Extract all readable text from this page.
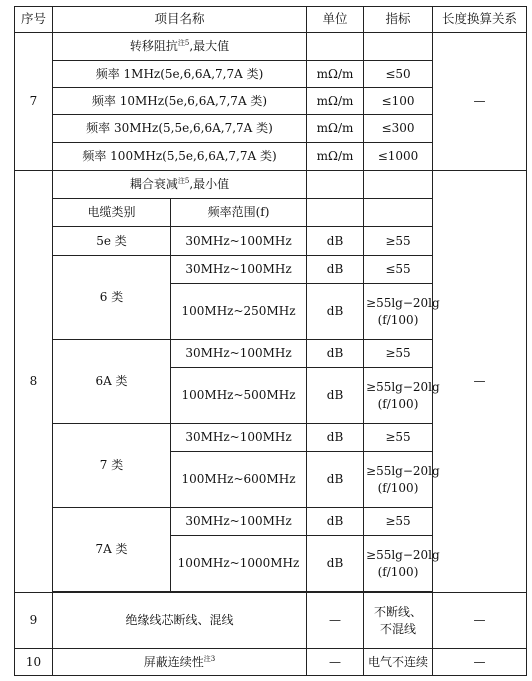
序号	项目名称		单位	指标	长度换算关系
7	转移阻抗$^{注5}$,最大值				—
	频率 1MHz(5e,6,6A,7,7A 类)		mΩ/m	≤50	
	频率 10MHz(5e,6,6A,7,7A 类)		mΩ/m	≤100	
	频率 30MHz(5,5e,6,6A,7,7A 类)		mΩ/m	≤300	
	频率 100MHz(5,5e,6,6A,7,7A 类)		mΩ/m	≤1000	
8	耦合衰减$^{注5}$,最小值				—
	电缆类别	频率范围(f)			
	5e 类	30MHz~100MHz	dB	≥55	
	6 类	30MHz~100MHz	dB	≤55	
		100MHz~250MHz	dB	≥55lg−20lg
(f/100)	

	6A 类	30MHz~100MHz	dB	≥55	
		100MHz~500MHz	dB	≥55lg−20lg
(f/100)	

	7 类	30MHz~100MHz	dB	≥55	
		100MHz~600MHz	dB	≥55lg−20lg
(f/100)	

	7A 类	30MHz~100MHz	dB	≥55	
		100MHz~1000MHz	dB	≥55lg−20lg
(f/100)	

9	绝缘线芯断线、混线		—	不断线、
不混线	—
10	屏蔽连续性$^{注3}$		—	电气不连续	—
